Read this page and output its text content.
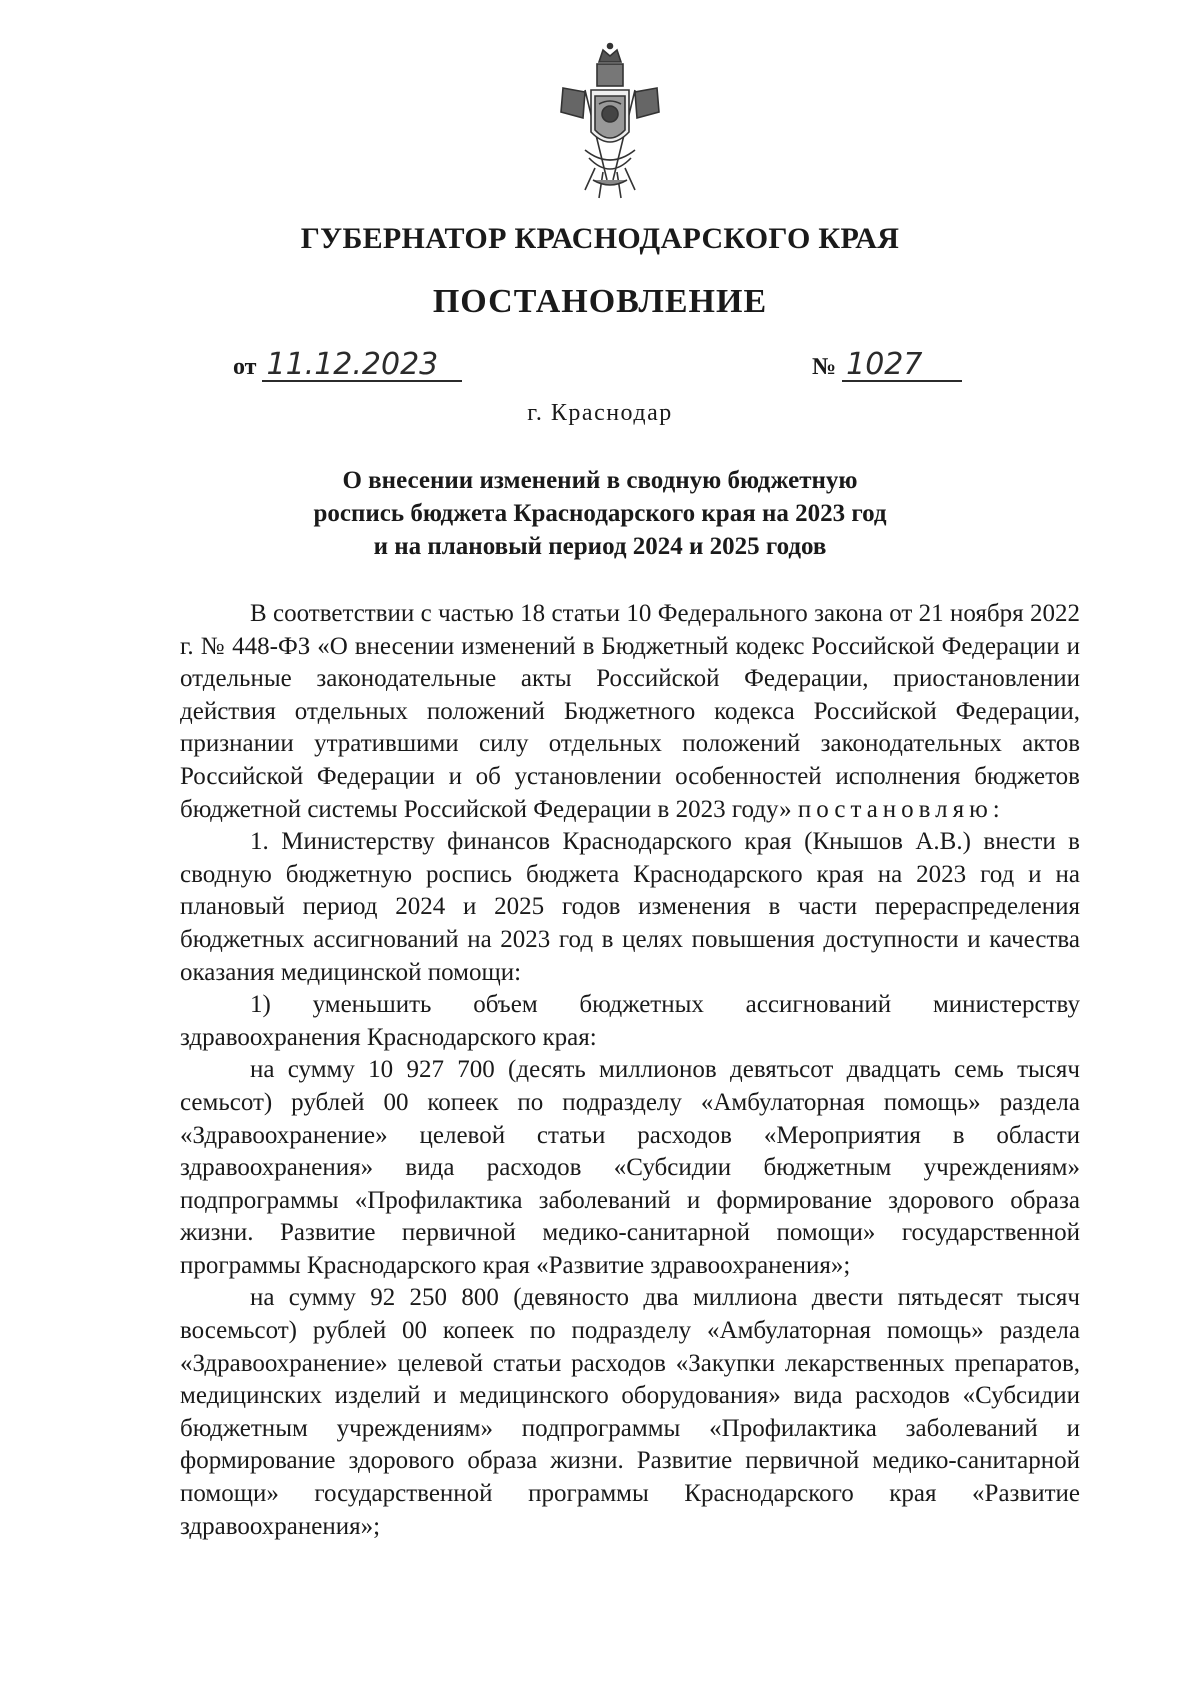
ГУБЕРНАТОР КРАСНОДАРСКОГО КРАЯ
ПОСТАНОВЛЕНИЕ
от 11.12.2023	№ 1027
г. Краснодар
О внесении изменений в сводную бюджетную
роспись бюджета Краснодарского края на 2023 год
и на плановый период 2024 и 2025 годов

В соответствии с частью 18 статьи 10 Федерального закона от 21 ноября 2022 г. № 448-ФЗ «О внесении изменений в Бюджетный кодекс Российской Федерации и отдельные законодательные акты Российской Федерации, приостановлении действия отдельных положений Бюджетного кодекса Российской Федерации, признании утратившими силу отдельных положений законодательных актов Российской Федерации и об установлении особенностей исполнения бюджетов бюджетной системы Российской Федерации в 2023 году» постановляю:

1. Министерству финансов Краснодарского края (Кнышов А.В.) внести в сводную бюджетную роспись бюджета Краснодарского края на 2023 год и на плановый период 2024 и 2025 годов изменения в части перераспределения бюджетных ассигнований на 2023 год в целях повышения доступности и качества оказания медицинской помощи:

1) уменьшить объем бюджетных ассигнований министерству здравоохранения Краснодарского края:

на сумму 10 927 700 (десять миллионов девятьсот двадцать семь тысяч семьсот) рублей 00 копеек по подразделу «Амбулаторная помощь» раздела «Здравоохранение» целевой статьи расходов «Мероприятия в области здравоохранения» вида расходов «Субсидии бюджетным учреждениям» подпрограммы «Профилактика заболеваний и формирование здорового образа жизни. Развитие первичной медико-санитарной помощи» государственной программы Краснодарского края «Развитие здравоохранения»;

на сумму 92 250 800 (девяносто два миллиона двести пятьдесят тысяч восемьсот) рублей 00 копеек по подразделу «Амбулаторная помощь» раздела «Здравоохранение» целевой статьи расходов «Закупки лекарственных препаратов, медицинских изделий и медицинского оборудования» вида расходов «Субсидии бюджетным учреждениям» подпрограммы «Профилактика заболеваний и формирование здорового образа жизни. Развитие первичной медико-санитарной помощи» государственной программы Краснодарского края «Развитие здравоохранения»;
